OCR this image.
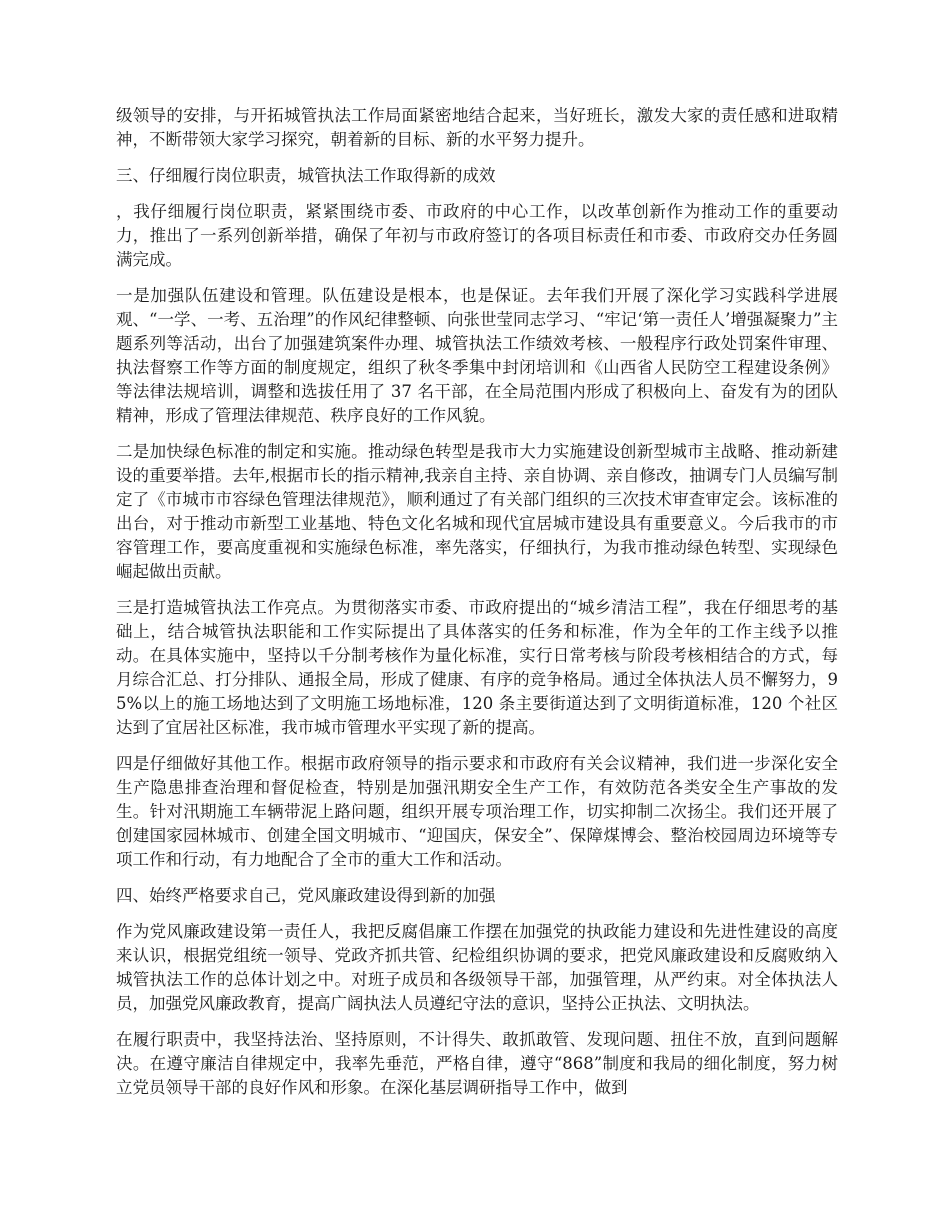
级领导的安排，与开拓城管执法工作局面紧密地结合起来，当好班长，激发大家的责任感和进取精神，不断带领大家学习探究，朝着新的目标、新的水平努力提升。

三、仔细履行岗位职责，城管执法工作取得新的成效

，我仔细履行岗位职责，紧紧围绕市委、市政府的中心工作，以改革创新作为推动工作的重要动力，推出了一系列创新举措，确保了年初与市政府签订的各项目标责任和市委、市政府交办任务圆满完成。

一是加强队伍建设和管理。队伍建设是根本，也是保证。去年我们开展了深化学习实践科学进展观、“一学、一考、五治理”的作风纪律整顿、向张世莹同志学习、“牢记‘第一责任人’增强凝聚力”主题系列等活动，出台了加强建筑案件办理、城管执法工作绩效考核、一般程序行政处罚案件审理、执法督察工作等方面的制度规定，组织了秋冬季集中封闭培训和《山西省人民防空工程建设条例》等法律法规培训，调整和选拔任用了 37 名干部，在全局范围内形成了积极向上、奋发有为的团队精神，形成了管理法律规范、秩序良好的工作风貌。

二是加快绿色标准的制定和实施。推动绿色转型是我市大力实施建设创新型城市主战略、推动新建设的重要举措。去年,根据市长的指示精神,我亲自主持、亲自协调、亲自修改，抽调专门人员编写制定了《市城市市容绿色管理法律规范》，顺利通过了有关部门组织的三次技术审查审定会。该标准的出台，对于推动市新型工业基地、特色文化名城和现代宜居城市建设具有重要意义。今后我市的市容管理工作，要高度重视和实施绿色标准，率先落实，仔细执行，为我市推动绿色转型、实现绿色崛起做出贡献。

三是打造城管执法工作亮点。为贯彻落实市委、市政府提出的“城乡清洁工程”，我在仔细思考的基础上，结合城管执法职能和工作实际提出了具体落实的任务和标准，作为全年的工作主线予以推动。在具体实施中，坚持以千分制考核作为量化标准，实行日常考核与阶段考核相结合的方式，每月综合汇总、打分排队、通报全局，形成了健康、有序的竞争格局。通过全体执法人员不懈努力，95%以上的施工场地达到了文明施工场地标准，120 条主要街道达到了文明街道标准，120 个社区达到了宜居社区标准，我市城市管理水平实现了新的提高。

四是仔细做好其他工作。根据市政府领导的指示要求和市政府有关会议精神，我们进一步深化安全生产隐患排查治理和督促检查，特别是加强汛期安全生产工作，有效防范各类安全生产事故的发生。针对汛期施工车辆带泥上路问题，组织开展专项治理工作，切实抑制二次扬尘。我们还开展了创建国家园林城市、创建全国文明城市、“迎国庆，保安全”、保障煤博会、整治校园周边环境等专项工作和行动，有力地配合了全市的重大工作和活动。

四、始终严格要求自己，党风廉政建设得到新的加强

作为党风廉政建设第一责任人，我把反腐倡廉工作摆在加强党的执政能力建设和先进性建设的高度来认识，根据党组统一领导、党政齐抓共管、纪检组织协调的要求，把党风廉政建设和反腐败纳入城管执法工作的总体计划之中。对班子成员和各级领导干部，加强管理，从严约束。对全体执法人员，加强党风廉政教育，提高广阔执法人员遵纪守法的意识，坚持公正执法、文明执法。

在履行职责中，我坚持法治、坚持原则，不计得失、敢抓敢管、发现问题、扭住不放，直到问题解决。在遵守廉洁自律规定中，我率先垂范，严格自律，遵守“868”制度和我局的细化制度，努力树立党员领导干部的良好作风和形象。在深化基层调研指导工作中，做到
